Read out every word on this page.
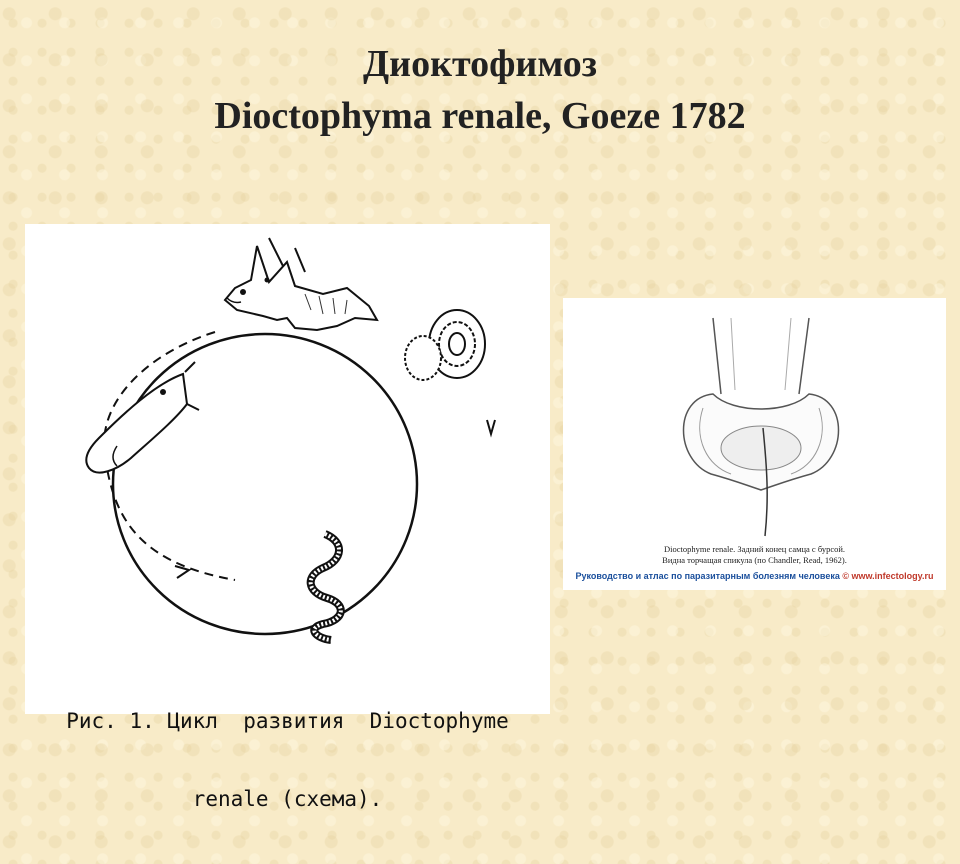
Диоктофимоз
Dioctophyma renale, Goeze 1782

Рис. 1. Цикл  развития  Dioctophyme

renale (схема).

Dioctophyme renale. Задний конец самца с бурсой.
Видна торчащая спикула (по Chandler, Read, 1962).
Руководство и атлас по паразитарным болезням человека © www.infectology.ru
